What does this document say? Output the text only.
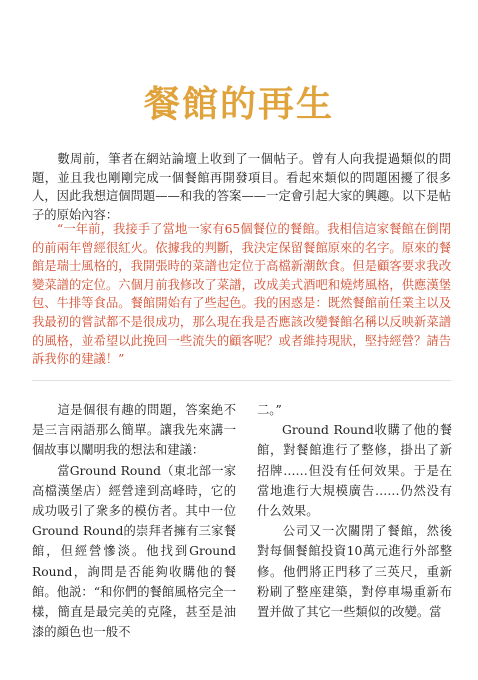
餐館的再生

數周前，筆者在網站論壇上收到了一個帖子。曾有人向我提過類似的問題，並且我也剛剛完成一個餐館再開發項目。看起來類似的問題困擾了很多人，因此我想這個問題——和我的答案——一定會引起大家的興趣。以下是帖子的原始內容：

“一年前，我接手了當地一家有65個餐位的餐館。我相信這家餐館在倒閉的前兩年曾經很紅火。依據我的判斷，我決定保留餐館原來的名字。原來的餐館是瑞士風格的，我開張時的菜譜也定位于高檔新潮飲食。但是顧客要求我改變菜譜的定位。六個月前我修改了菜譜，改成美式酒吧和燒烤風格，供應漢堡包、牛排等食品。餐館開始有了些起色。我的困惑是：既然餐館前任業主以及我最初的嘗試都不是很成功，那么現在我是否應該改變餐館名稱以反映新菜譜的風格，並希望以此挽回一些流失的顧客呢？或者維持現狀，堅持經營？請告訴我你的建議！”

這是個很有趣的問題，答案絶不是三言兩語那么簡單。讓我先來講一個故事以闡明我的想法和建議：

當Ground Round（東北部一家高檔漢堡店）經營達到高峰時，它的成功吸引了衆多的模仿者。其中一位Ground Round的崇拜者擁有三家餐館，但經營慘淡。他找到Ground Round，詢問是否能夠收購他的餐館。他説：“和你們的餐館風格完全一樣，簡直是最完美的克隆，甚至是油漆的顔色也一般不

二。”

Ground Round收購了他的餐館，對餐館進行了整修，掛出了新招牌……但没有任何效果。于是在當地進行大規模廣告……仍然没有什么效果。

公司又一次關閉了餐館，然後對每個餐館投資10萬元進行外部整修。他們將正門移了三英尺，重新粉刷了整座建築，對停車場重新布置并做了其它一些類似的改變。當
